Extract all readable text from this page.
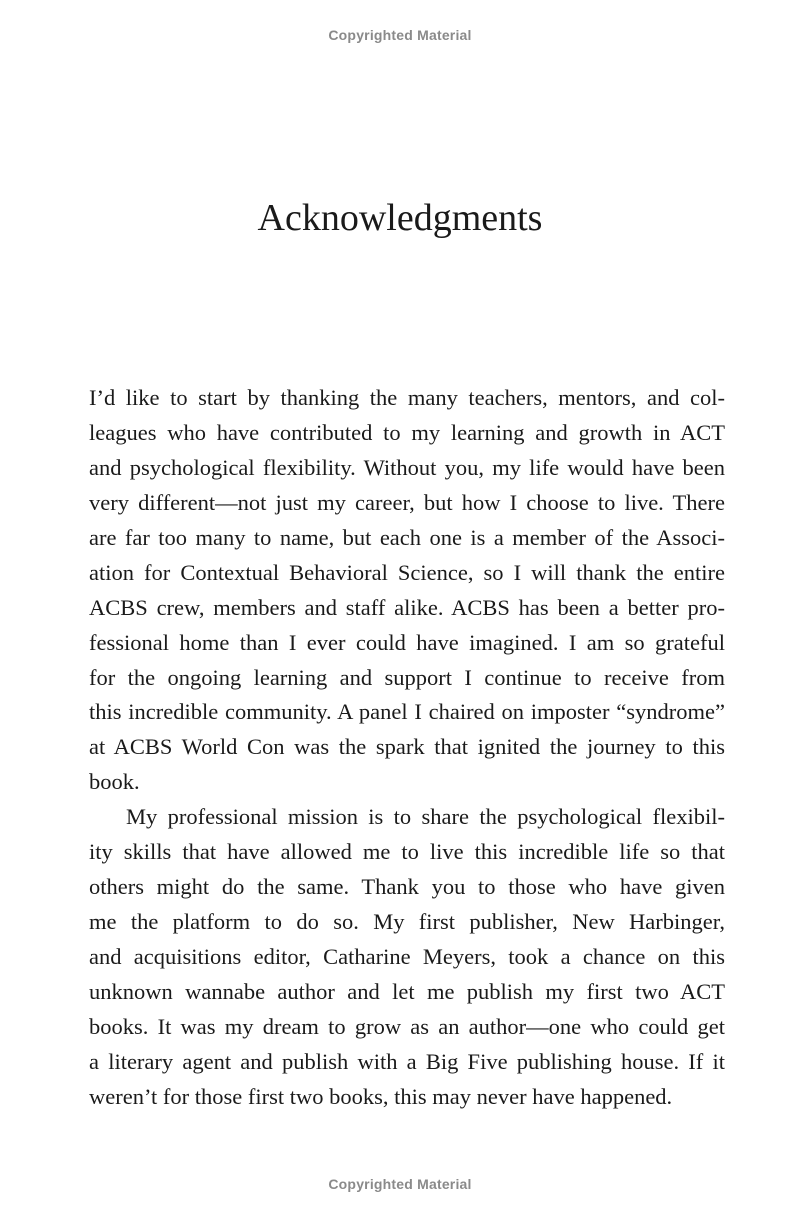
Copyrighted Material
Acknowledgments
I’d like to start by thanking the many teachers, mentors, and col-
leagues who have contributed to my learning and growth in ACT
and psychological flexibility. Without you, my life would have been
very different—not just my career, but how I choose to live. There
are far too many to name, but each one is a member of the Associ-
ation for Contextual Behavioral Science, so I will thank the entire
ACBS crew, members and staff alike. ACBS has been a better pro-
fessional home than I ever could have imagined. I am so grateful
for the ongoing learning and support I continue to receive from
this incredible community. A panel I chaired on imposter “syndrome”
at ACBS World Con was the spark that ignited the journey to this
book.
My professional mission is to share the psychological flexibil-
ity skills that have allowed me to live this incredible life so that
others might do the same. Thank you to those who have given
me the platform to do so. My first publisher, New Harbinger,
and acquisitions editor, Catharine Meyers, took a chance on this
unknown wannabe author and let me publish my first two ACT
books. It was my dream to grow as an author—one who could get
a literary agent and publish with a Big Five publishing house. If it
weren’t for those first two books, this may never have happened.
Copyrighted Material
